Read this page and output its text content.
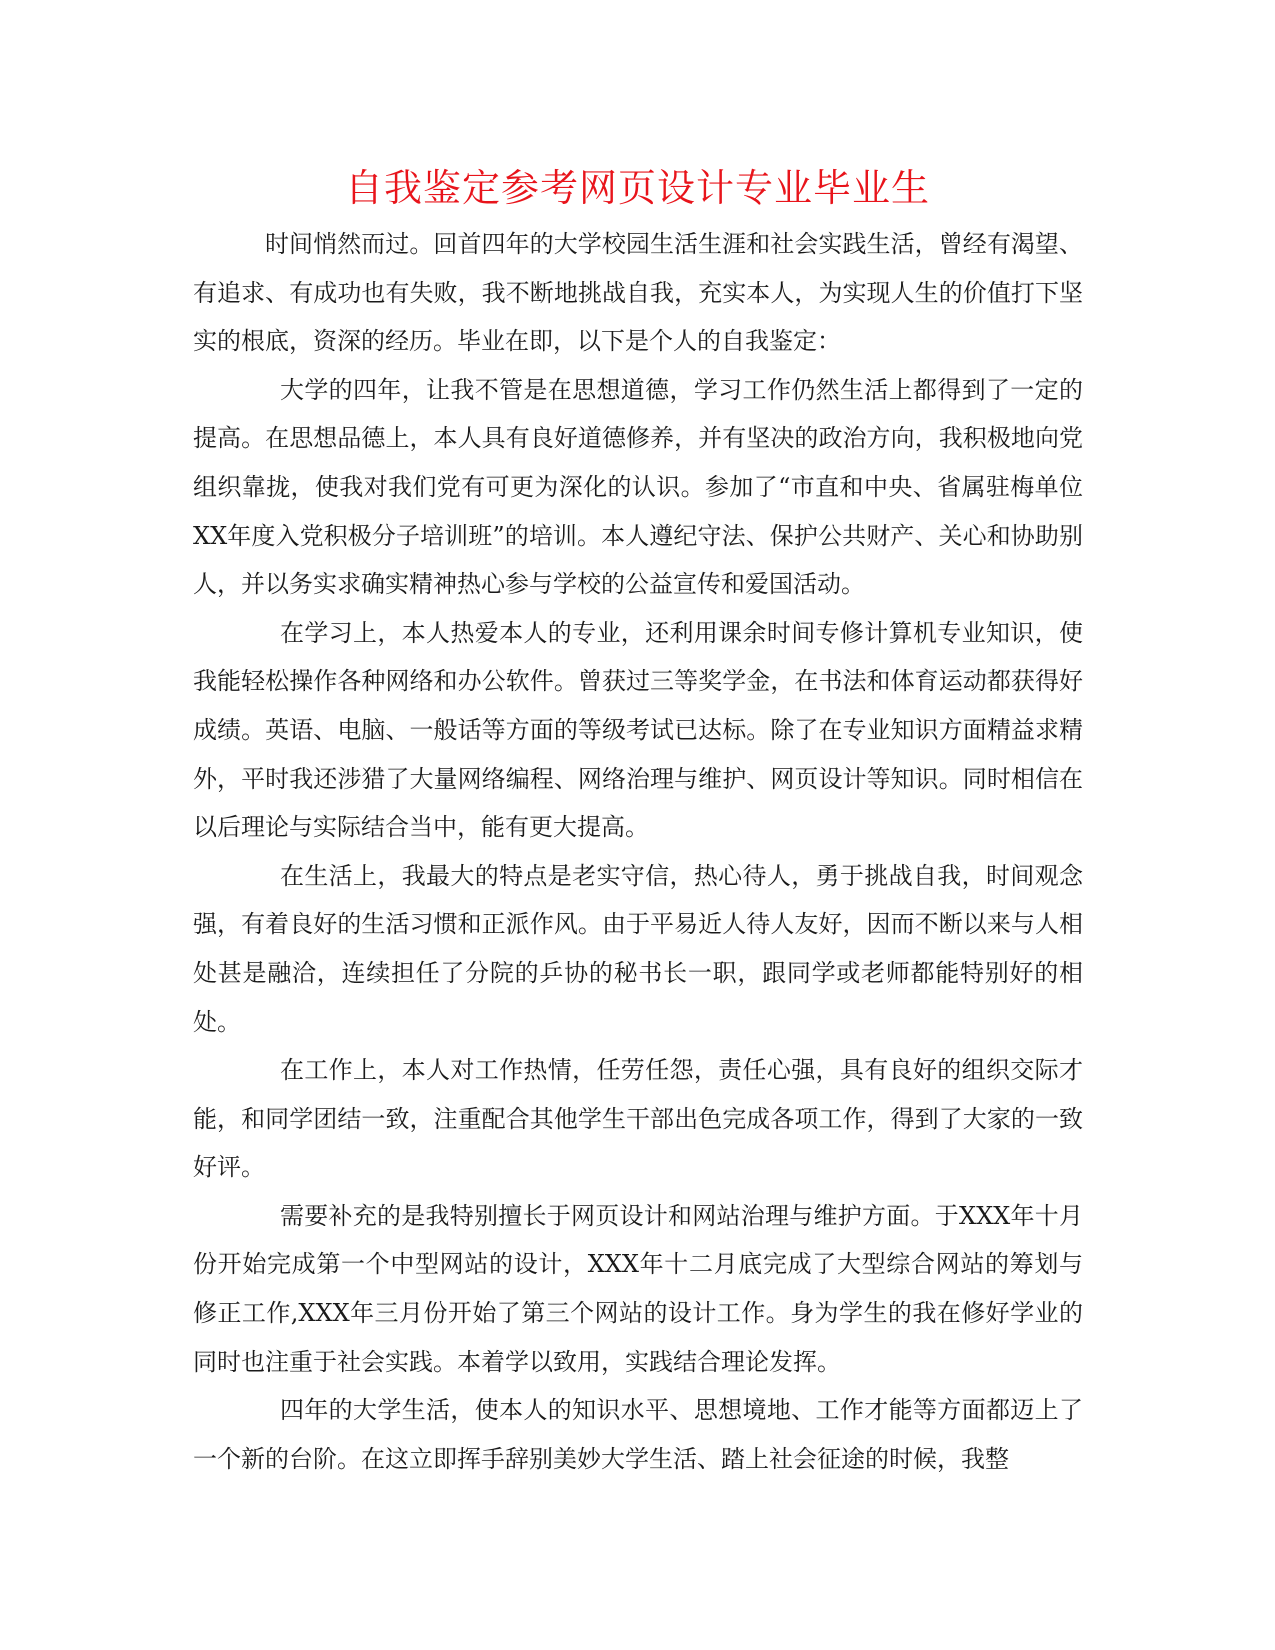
自我鉴定参考网页设计专业毕业生

时间悄然而过。回首四年的大学校园生活生涯和社会实践生活，曾经有渴望、有追求、有成功也有失败，我不断地挑战自我，充实本人，为实现人生的价值打下坚实的根底，资深的经历。毕业在即，以下是个人的自我鉴定：

大学的四年，让我不管是在思想道德，学习工作仍然生活上都得到了一定的提高。在思想品德上，本人具有良好道德修养，并有坚决的政治方向，我积极地向党组织靠拢，使我对我们党有可更为深化的认识。参加了“市直和中央、省属驻梅单位XX年度入党积极分子培训班”的培训。本人遵纪守法、保护公共财产、关心和协助别人，并以务实求确实精神热心参与学校的公益宣传和爱国活动。

在学习上，本人热爱本人的专业，还利用课余时间专修计算机专业知识，使我能轻松操作各种网络和办公软件。曾获过三等奖学金，在书法和体育运动都获得好成绩。英语、电脑、一般话等方面的等级考试已达标。除了在专业知识方面精益求精外，平时我还涉猎了大量网络编程、网络治理与维护、网页设计等知识。同时相信在以后理论与实际结合当中，能有更大提高。

在生活上，我最大的特点是老实守信，热心待人，勇于挑战自我，时间观念强，有着良好的生活习惯和正派作风。由于平易近人待人友好，因而不断以来与人相处甚是融洽，连续担任了分院的乒协的秘书长一职，跟同学或老师都能特别好的相处。

在工作上，本人对工作热情，任劳任怨，责任心强，具有良好的组织交际才能，和同学团结一致，注重配合其他学生干部出色完成各项工作，得到了大家的一致好评。

需要补充的是我特别擅长于网页设计和网站治理与维护方面。于XXX年十月份开始完成第一个中型网站的设计，XXX年十二月底完成了大型综合网站的筹划与修正工作,XXX年三月份开始了第三个网站的设计工作。身为学生的我在修好学业的同时也注重于社会实践。本着学以致用，实践结合理论发挥。

四年的大学生活，使本人的知识水平、思想境地、工作才能等方面都迈上了一个新的台阶。在这立即挥手辞别美妙大学生活、踏上社会征途的时候，我整
